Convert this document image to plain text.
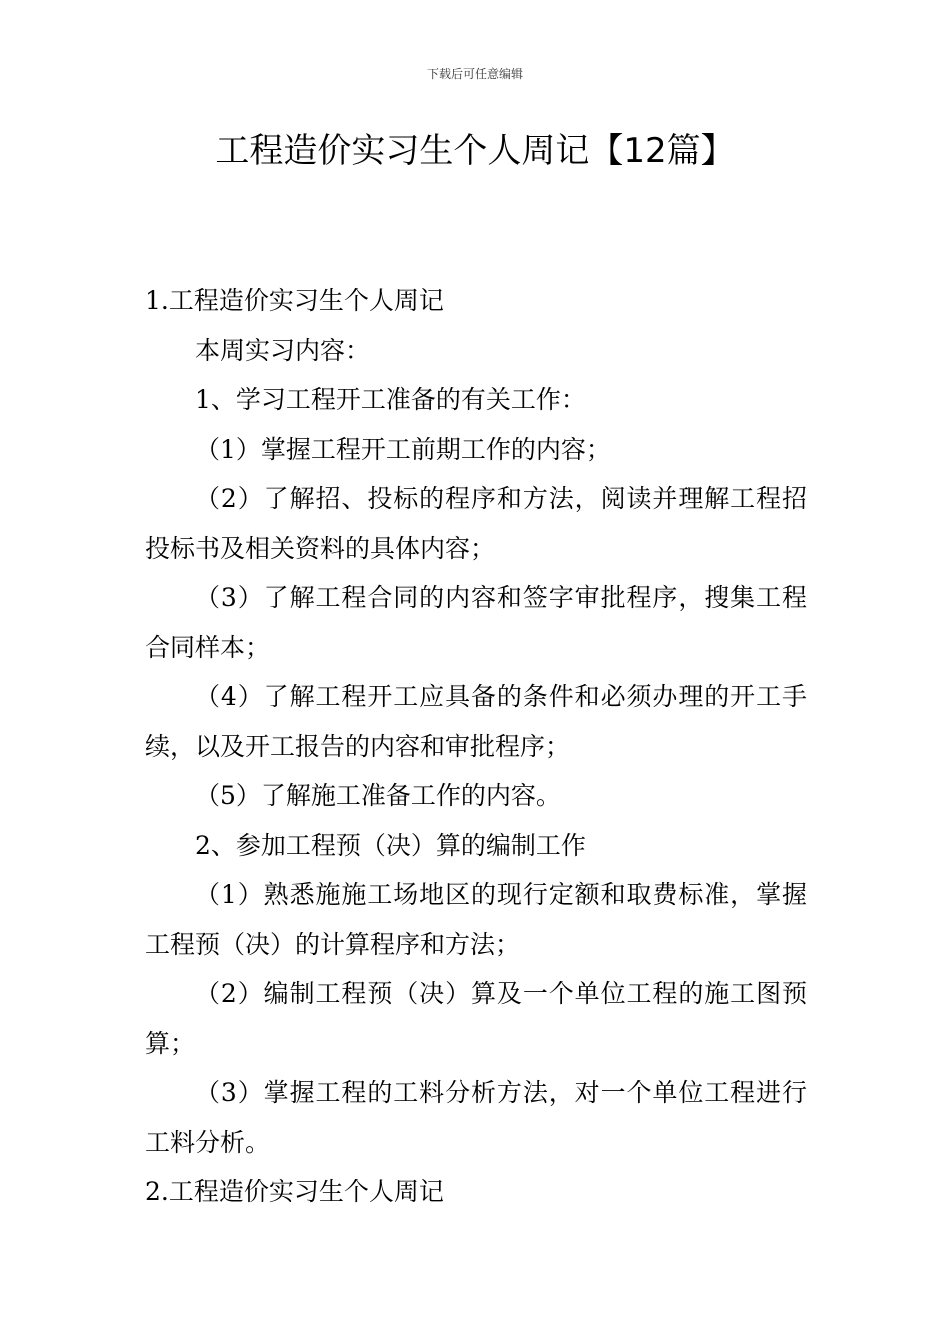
下载后可任意编辑
工程造价实习生个人周记【12篇】

1.工程造价实习生个人周记

本周实习内容：

1、学习工程开工准备的有关工作：

（1）掌握工程开工前期工作的内容；

（2）了解招、投标的程序和方法，阅读并理解工程招投标书及相关资料的具体内容；

（3）了解工程合同的内容和签字审批程序，搜集工程合同样本；

（4）了解工程开工应具备的条件和必须办理的开工手续，以及开工报告的内容和审批程序；

（5）了解施工准备工作的内容。

2、参加工程预（决）算的编制工作

（1）熟悉施施工场地区的现行定额和取费标准，掌握工程预（决）的计算程序和方法；

（2）编制工程预（决）算及一个单位工程的施工图预算；

（3）掌握工程的工料分析方法，对一个单位工程进行工料分析。

2.工程造价实习生个人周记
